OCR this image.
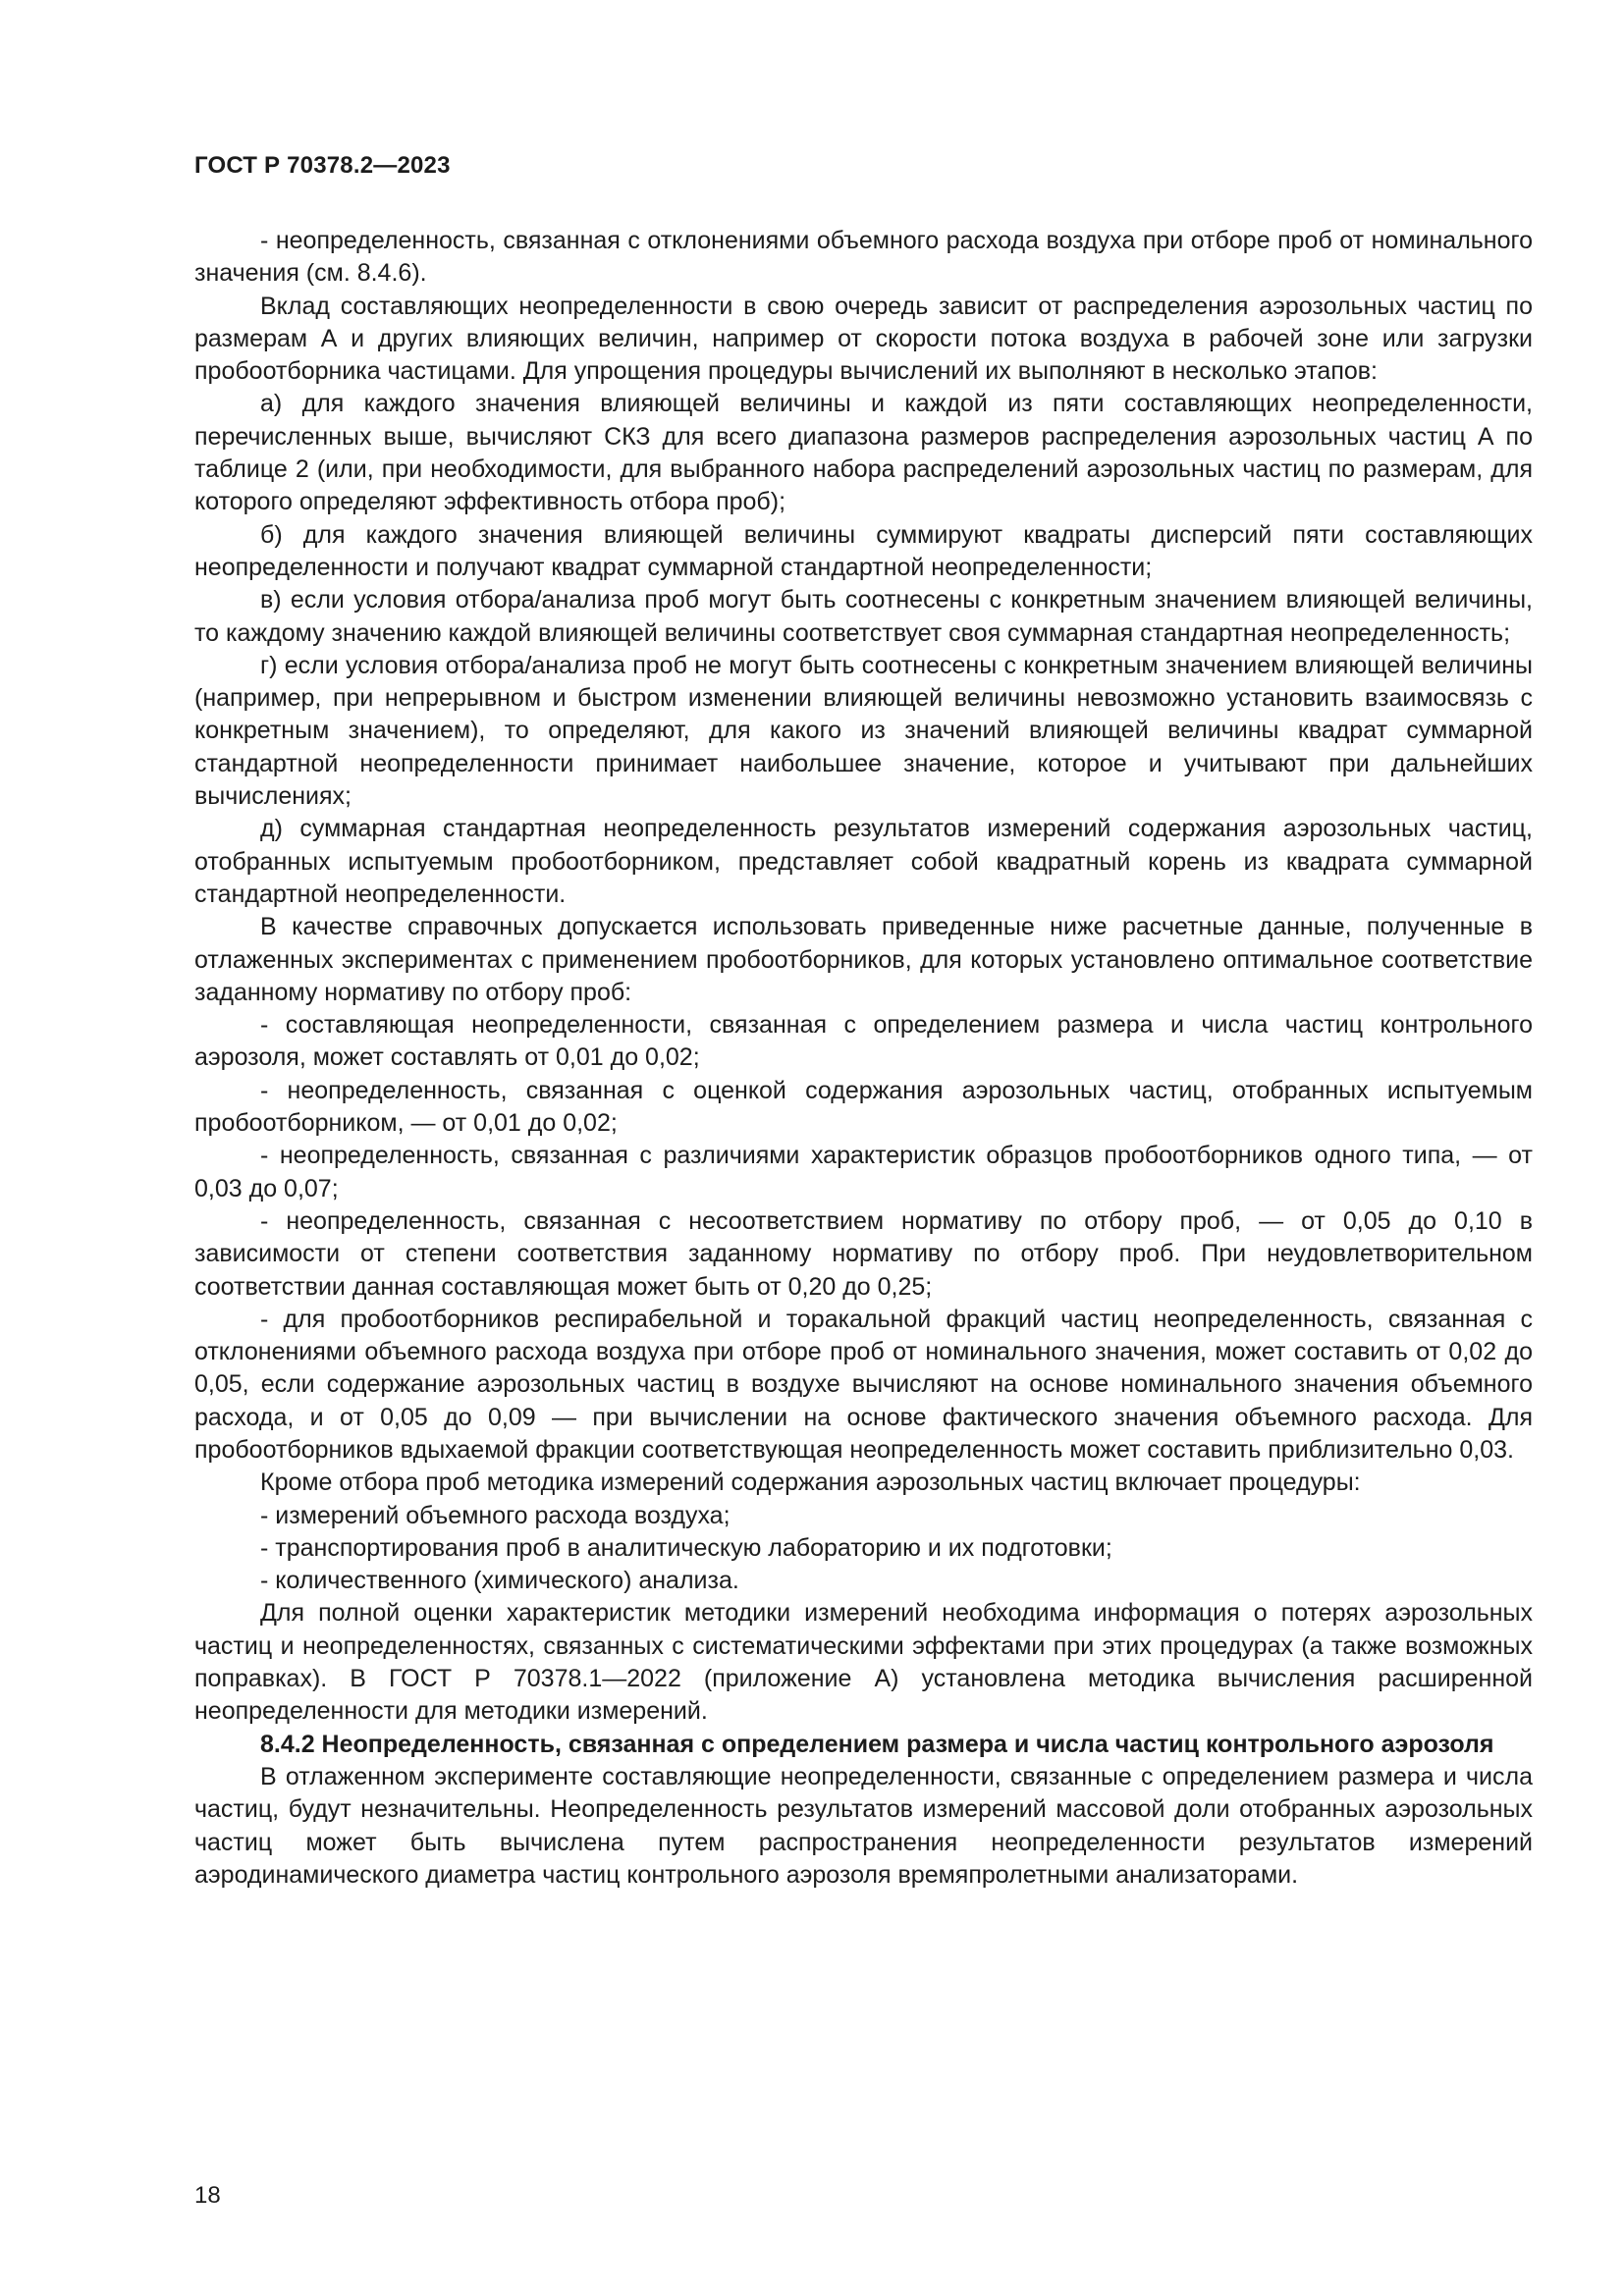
ГОСТ Р 70378.2—2023

- неопределенность, связанная с отклонениями объемного расхода воздуха при отборе проб от номинального значения (см. 8.4.6).

Вклад составляющих неопределенности в свою очередь зависит от распределения аэрозольных частиц по размерам А и других влияющих величин, например от скорости потока воздуха в рабочей зоне или загрузки пробоотборника частицами. Для упрощения процедуры вычислений их выполняют в несколько этапов:

а) для каждого значения влияющей величины и каждой из пяти составляющих неопределенности, перечисленных выше, вычисляют СКЗ для всего диапазона размеров распределения аэрозольных частиц А по таблице 2 (или, при необходимости, для выбранного набора распределений аэрозольных частиц по размерам, для которого определяют эффективность отбора проб);

б) для каждого значения влияющей величины суммируют квадраты дисперсий пяти составляющих неопределенности и получают квадрат суммарной стандартной неопределенности;

в) если условия отбора/анализа проб могут быть соотнесены с конкретным значением влияющей величины, то каждому значению каждой влияющей величины соответствует своя суммарная стандартная неопределенность;

г) если условия отбора/анализа проб не могут быть соотнесены с конкретным значением влияющей величины (например, при непрерывном и быстром изменении влияющей величины невозможно установить взаимосвязь с конкретным значением), то определяют, для какого из значений влияющей величины квадрат суммарной стандартной неопределенности принимает наибольшее значение, которое и учитывают при дальнейших вычислениях;

д) суммарная стандартная неопределенность результатов измерений содержания аэрозольных частиц, отобранных испытуемым пробоотборником, представляет собой квадратный корень из квадрата суммарной стандартной неопределенности.

В качестве справочных допускается использовать приведенные ниже расчетные данные, полученные в отлаженных экспериментах с применением пробоотборников, для которых установлено оптимальное соответствие заданному нормативу по отбору проб:

- составляющая неопределенности, связанная с определением размера и числа частиц контрольного аэрозоля, может составлять от 0,01 до 0,02;

- неопределенность, связанная с оценкой содержания аэрозольных частиц, отобранных испытуемым пробоотборником, — от 0,01 до 0,02;

- неопределенность, связанная с различиями характеристик образцов пробоотборников одного типа, — от 0,03 до 0,07;

- неопределенность, связанная с несоответствием нормативу по отбору проб, — от 0,05 до 0,10 в зависимости от степени соответствия заданному нормативу по отбору проб. При неудовлетворительном соответствии данная составляющая может быть от 0,20 до 0,25;

- для пробоотборников респирабельной и торакальной фракций частиц неопределенность, связанная с отклонениями объемного расхода воздуха при отборе проб от номинального значения, может составить от 0,02 до 0,05, если содержание аэрозольных частиц в воздухе вычисляют на основе номинального значения объемного расхода, и от 0,05 до 0,09 — при вычислении на основе фактического значения объемного расхода. Для пробоотборников вдыхаемой фракции соответствующая неопределенность может составить приблизительно 0,03.

Кроме отбора проб методика измерений содержания аэрозольных частиц включает процедуры:

- измерений объемного расхода воздуха;

- транспортирования проб в аналитическую лабораторию и их подготовки;

- количественного (химического) анализа.

Для полной оценки характеристик методики измерений необходима информация о потерях аэрозольных частиц и неопределенностях, связанных с систематическими эффектами при этих процедурах (а также возможных поправках). В ГОСТ Р 70378.1—2022 (приложение А) установлена методика вычисления расширенной неопределенности для методики измерений.

8.4.2 Неопределенность, связанная с определением размера и числа частиц контрольного аэрозоля

В отлаженном эксперименте составляющие неопределенности, связанные с определением размера и числа частиц, будут незначительны. Неопределенность результатов измерений массовой доли отобранных аэрозольных частиц может быть вычислена путем распространения неопределенности результатов измерений аэродинамического диаметра частиц контрольного аэрозоля времяпролетными анализаторами.

18
